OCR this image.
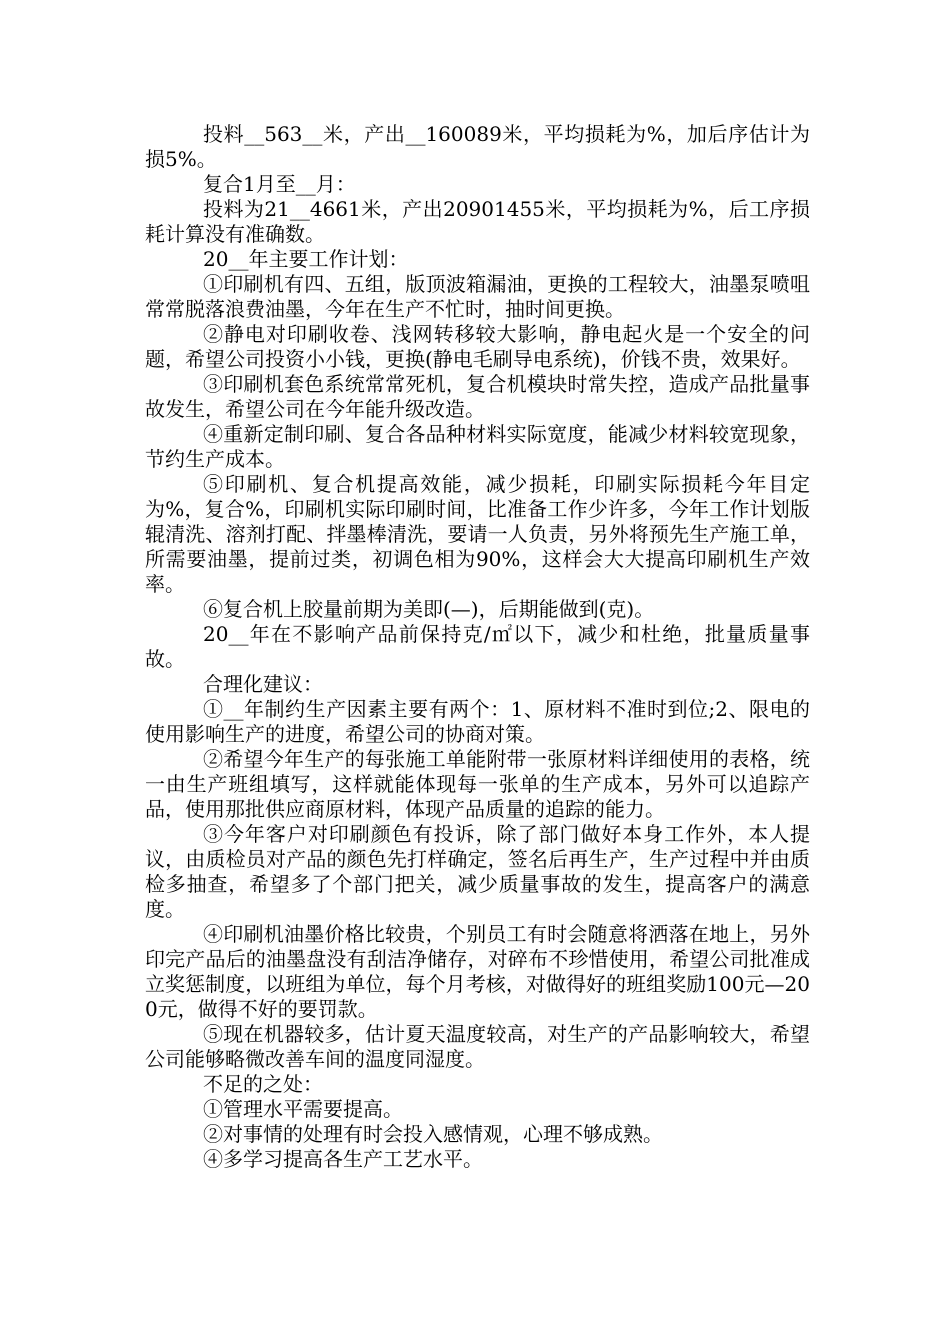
投料__563__米，产出__160089米，平均损耗为%，加后序估计为损5%。

复合1月至__月：

投料为21__4661米，产出20901455米，平均损耗为%，后工序损耗计算没有准确数。

20__年主要工作计划：

①印刷机有四、五组，版顶波箱漏油，更换的工程较大，油墨泵喷咀常常脱落浪费油墨，今年在生产不忙时，抽时间更换。

②静电对印刷收卷、浅网转移较大影响，静电起火是一个安全的问题，希望公司投资小小钱，更换(静电毛刷导电系统)，价钱不贵，效果好。

③印刷机套色系统常常死机，复合机模块时常失控，造成产品批量事故发生，希望公司在今年能升级改造。

④重新定制印刷、复合各品种材料实际宽度，能减少材料较宽现象，节约生产成本。

⑤印刷机、复合机提高效能，减少损耗，印刷实际损耗今年目定为%，复合%，印刷机实际印刷时间，比准备工作少许多，今年工作计划版辊清洗、溶剂打配、拌墨棒清洗，要请一人负责，另外将预先生产施工单，所需要油墨，提前过类，初调色相为90%，这样会大大提高印刷机生产效率。

⑥复合机上胶量前期为美即(—)，后期能做到(克)。

20__年在不影响产品前保持克/㎡以下，减少和杜绝，批量质量事故。

合理化建议：

①__年制约生产因素主要有两个：1、原材料不准时到位;2、限电的使用影响生产的进度，希望公司的协商对策。

②希望今年生产的每张施工单能附带一张原材料详细使用的表格，统一由生产班组填写，这样就能体现每一张单的生产成本，另外可以追踪产品，使用那批供应商原材料，体现产品质量的追踪的能力。

③今年客户对印刷颜色有投诉，除了部门做好本身工作外，本人提议，由质检员对产品的颜色先打样确定，签名后再生产，生产过程中并由质检多抽查，希望多了个部门把关，减少质量事故的发生，提高客户的满意度。

④印刷机油墨价格比较贵，个别员工有时会随意将洒落在地上，另外印完产品后的油墨盘没有刮洁净储存，对碎布不珍惜使用，希望公司批准成立奖惩制度，以班组为单位，每个月考核，对做得好的班组奖励100元—200元，做得不好的要罚款。

⑤现在机器较多，估计夏天温度较高，对生产的产品影响较大，希望公司能够略微改善车间的温度同湿度。

不足的之处：

①管理水平需要提高。

②对事情的处理有时会投入感情观，心理不够成熟。

④多学习提高各生产工艺水平。
